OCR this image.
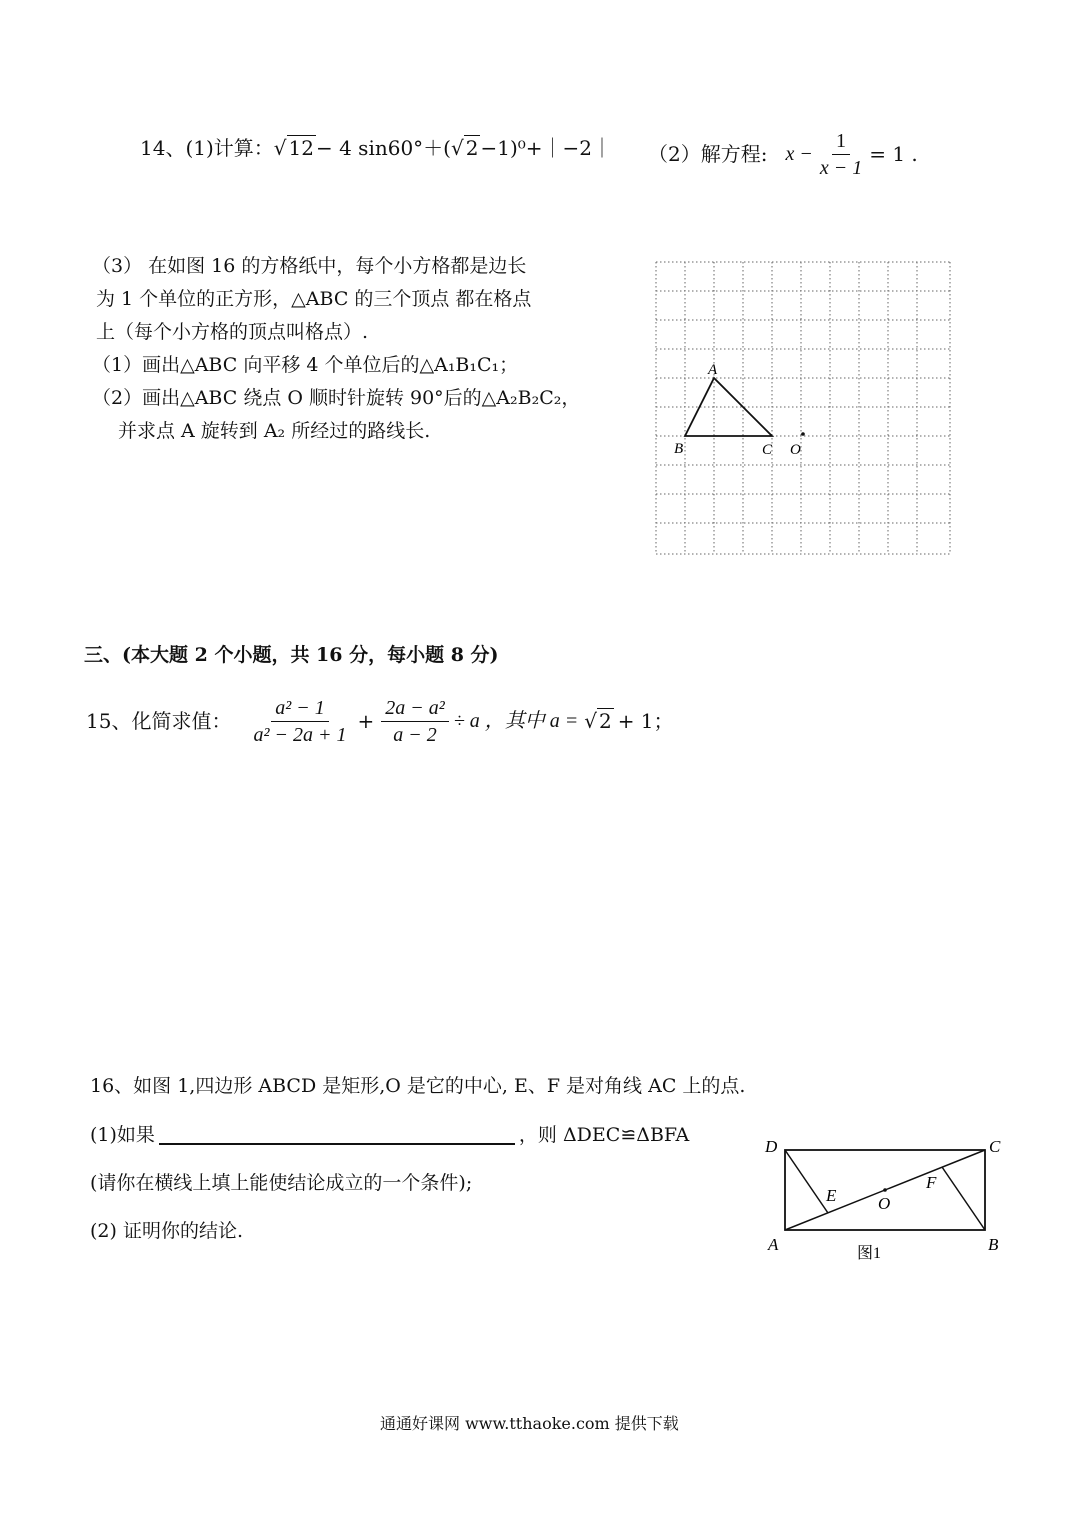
14、(1)计算： √ 12 − 4 sin60°＋( √ 2 −1)⁰+｜−2｜ （2）解方程: $x - \frac{1}{x - 1} = 1$ .
（3） 在如图 16 的方格纸中，每个小方格都是边长
为 1 个单位的正方形，△ABC 的三个顶点 都在格点
上（每个小方格的顶点叫格点）.
（1）画出△ABC 向平移 4 个单位后的△A₁B₁C₁；
（2）画出△ABC 绕点 O 顺时针旋转 90°后的△A₂B₂C₂，
并求点 A 旋转到 A₂ 所经过的路线长.
A
B	C O
三、(本大题 2 个小题，共 16 分，每小题 8 分)
15、化简求值： $\frac{\text{a² − 1}}{\text{a² − 2a + 1}} + \frac{\text{2a − a²}}{a - 2} \div a$ ，其中 a = √ 2 + 1；
16、如图 1,四边形 ABCD 是矩形,O 是它的中心, E、F 是对角线 AC 上的点.
(1)如果	，则 ΔDEC≌ΔBFA
(请你在横线上填上能使结论成立的一个条件);
(2) 证明你的结论.
D	C
A	B
E O
F
图1
通通好课网 www.tthaoke.com 提供下载
